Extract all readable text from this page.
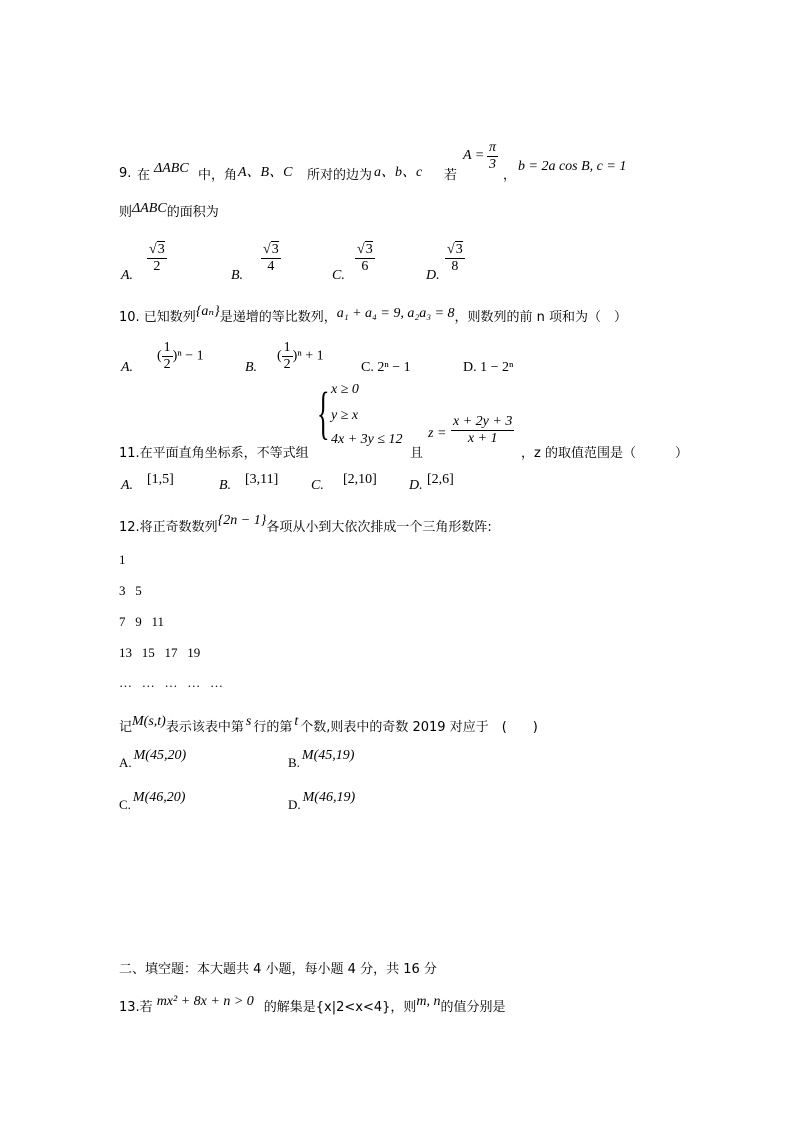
9. 在 ΔABC 中，角 A、B、C 所对的边为 a、b、c 若
A =
π
3
，
b = 2a cos B, c = 1
则ΔABC的面积为
A.
√3
2
B.
√3
4
C.
√3
6
D.
√3
8
10. 已知数列{aₙ}是递增的等比数列，a₁ + a₄ = 9, a₂a₃ = 8，则数列的前 n 项和为（　）
A.
( $\frac{1}{2} )^n - 1$
B.
( $\frac{1}{2} )^n + 1$
C. 2ⁿ − 1	D. 1 − 2ⁿ
11.在平面直角坐标系，不等式组
{ x ≥ 0
y ≥ x
4x + 3y ≤ 12
且
z =
x + 2y + 3
x + 1
，z 的取值范围是（　　　）
A. [1,5]	B. [3,11] C. [2,10] D. [2,6]
12.将正奇数数列{2n − 1}各项从小到大依次排成一个三角形数阵:
1
3   5
7   9   11
13   15   17   19
…   …   …   …   …
记M(s,t)表示该表中第 s 行的第 t 个数,则表中的奇数 2019 对应于　(　　)
A. M(45,20)	B. M(45,19)
C. M(46,20)	D. M(46,19)
二、填空题：本大题共 4 小题，每小题 4 分，共 16 分
13.若 mx² + 8x + n > 0 的解集是{x|2<x<4}，则m, n的值分别是
